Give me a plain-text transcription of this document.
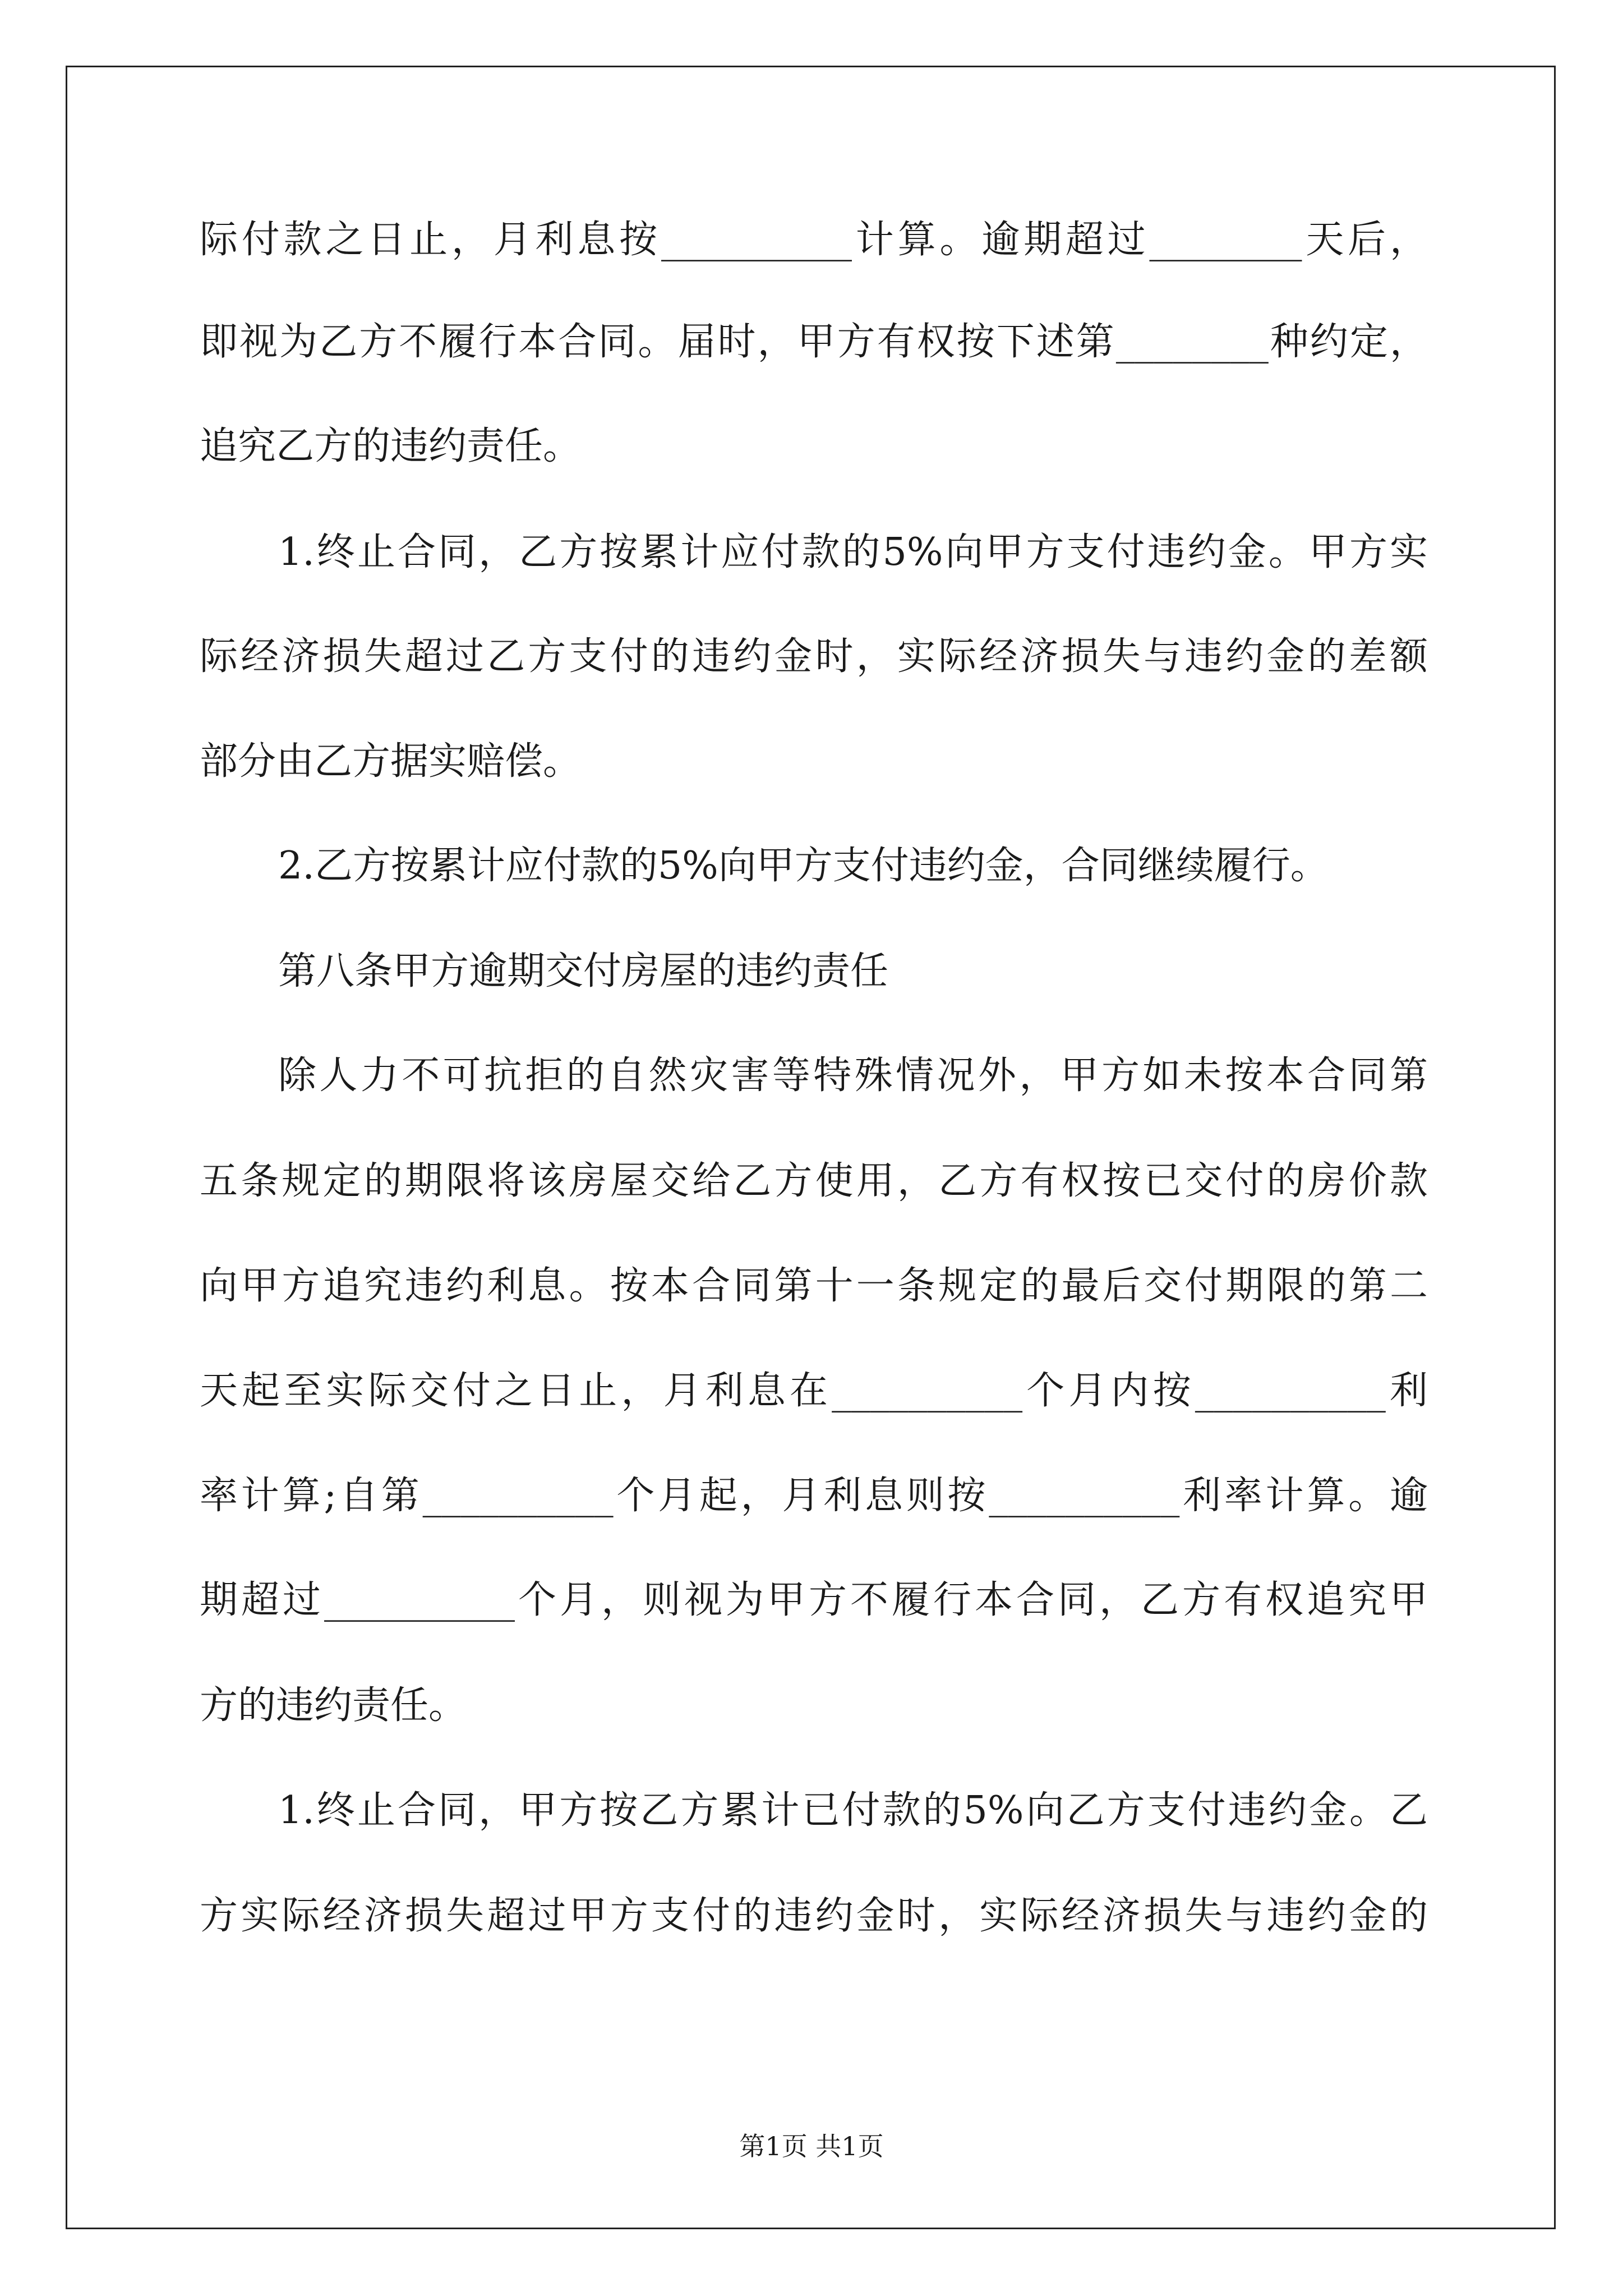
际付款之日止，月利息按__________计算。逾期超过________天后，

即视为乙方不履行本合同。届时，甲方有权按下述第________种约定，

追究乙方的违约责任。

1.终止合同，乙方按累计应付款的5%向甲方支付违约金。甲方实

际经济损失超过乙方支付的违约金时，实际经济损失与违约金的差额

部分由乙方据实赔偿。

2.乙方按累计应付款的5%向甲方支付违约金，合同继续履行。

第八条甲方逾期交付房屋的违约责任

除人力不可抗拒的自然灾害等特殊情况外，甲方如未按本合同第

五条规定的期限将该房屋交给乙方使用，乙方有权按已交付的房价款

向甲方追究违约利息。按本合同第十一条规定的最后交付期限的第二

天起至实际交付之日止，月利息在__________个月内按__________利

率计算;自第__________个月起，月利息则按__________利率计算。逾

期超过__________个月，则视为甲方不履行本合同，乙方有权追究甲

方的违约责任。

1.终止合同，甲方按乙方累计已付款的5%向乙方支付违约金。乙

方实际经济损失超过甲方支付的违约金时，实际经济损失与违约金的

第1页 共1页
